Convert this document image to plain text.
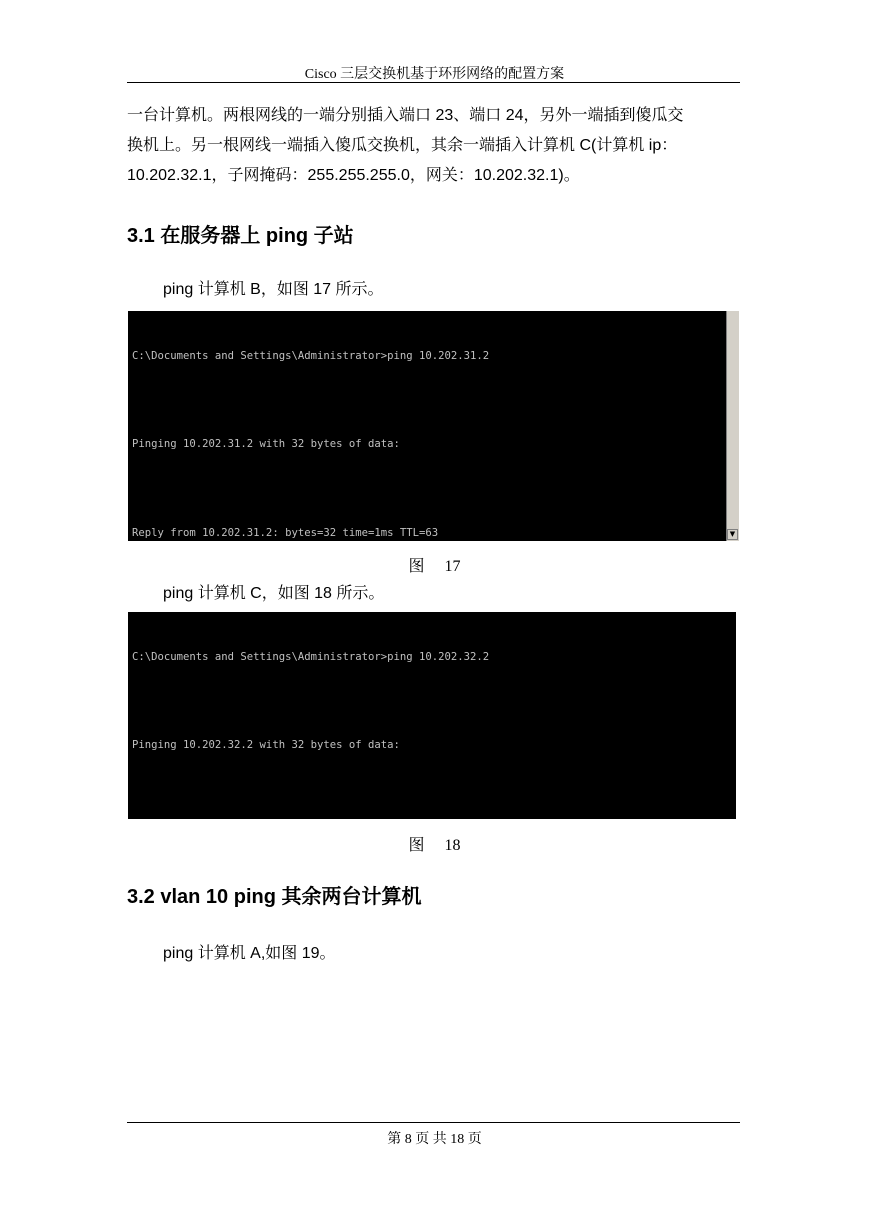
Cisco 三层交换机基于环形网络的配置方案
一台计算机。两根网线的一端分别插入端口 23、端口 24，另外一端插到傻瓜交
换机上。另一根网线一端插入傻瓜交换机，其余一端插入计算机 C(计算机 ip：
10.202.32.1，子网掩码：255.255.255.0，网关：10.202.32.1)。
3.1 在服务器上 ping 子站
ping 计算机 B，如图 17 所示。

C:\Documents and Settings\Administrator>ping 10.202.31.2

Pinging 10.202.31.2 with 32 bytes of data:

Reply from 10.202.31.2: bytes=32 time=1ms TTL=63

	▼

图 17
ping 计算机 C，如图 18 所示。

C:\Documents and Settings\Administrator>ping 10.202.32.2

Pinging 10.202.32.2 with 32 bytes of data:

图 18
3.2 vlan 10 ping 其余两台计算机
ping 计算机 A,如图 19。
第 8 页 共 18 页
